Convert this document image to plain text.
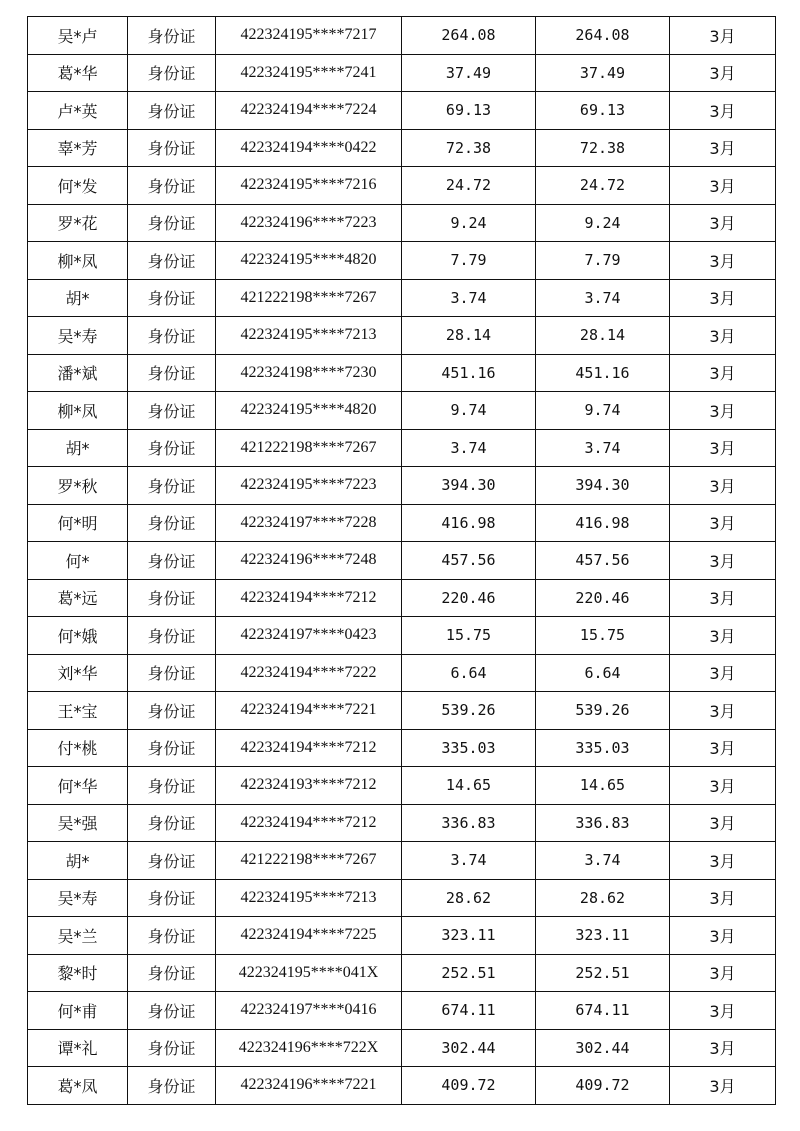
吴*卢	身份证	422324195****7217	264.08	264.08	3月
葛*华	身份证	422324195****7241	37.49	37.49	3月
卢*英	身份证	422324194****7224	69.13	69.13	3月
辜*芳	身份证	422324194****0422	72.38	72.38	3月
何*发	身份证	422324195****7216	24.72	24.72	3月
罗*花	身份证	422324196****7223	9.24	9.24	3月
柳*凤	身份证	422324195****4820	7.79	7.79	3月
胡*	身份证	421222198****7267	3.74	3.74	3月
吴*寿	身份证	422324195****7213	28.14	28.14	3月
潘*斌	身份证	422324198****7230	451.16	451.16	3月
柳*凤	身份证	422324195****4820	9.74	9.74	3月
胡*	身份证	421222198****7267	3.74	3.74	3月
罗*秋	身份证	422324195****7223	394.30	394.30	3月
何*明	身份证	422324197****7228	416.98	416.98	3月
何*	身份证	422324196****7248	457.56	457.56	3月
葛*远	身份证	422324194****7212	220.46	220.46	3月
何*娥	身份证	422324197****0423	15.75	15.75	3月
刘*华	身份证	422324194****7222	6.64	6.64	3月
王*宝	身份证	422324194****7221	539.26	539.26	3月
付*桃	身份证	422324194****7212	335.03	335.03	3月
何*华	身份证	422324193****7212	14.65	14.65	3月
吴*强	身份证	422324194****7212	336.83	336.83	3月
胡*	身份证	421222198****7267	3.74	3.74	3月
吴*寿	身份证	422324195****7213	28.62	28.62	3月
吴*兰	身份证	422324194****7225	323.11	323.11	3月
黎*时	身份证	422324195****041X	252.51	252.51	3月
何*甫	身份证	422324197****0416	674.11	674.11	3月
谭*礼	身份证	422324196****722X	302.44	302.44	3月
葛*凤	身份证	422324196****7221	409.72	409.72	3月
